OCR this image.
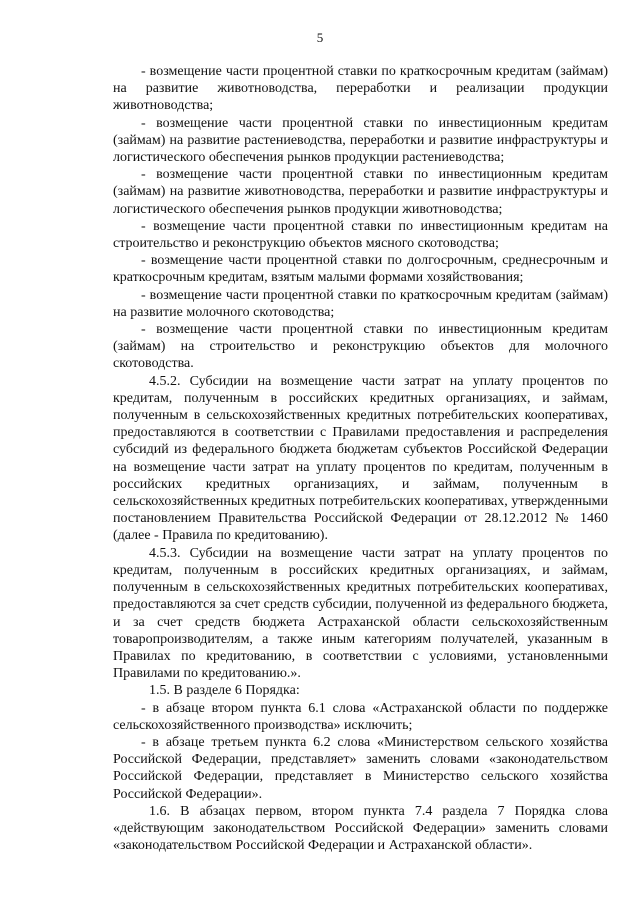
5

- возмещение части процентной ставки по краткосрочным кредитам (займам) на развитие животноводства, переработки и реализации продукции животноводства;

- возмещение части процентной ставки по инвестиционным кредитам (займам) на развитие растениеводства, переработки и развитие инфраструктуры и логистического обеспечения рынков продукции растениеводства;

- возмещение части процентной ставки по инвестиционным кредитам (займам) на развитие животноводства, переработки и развитие инфраструктуры и логистического обеспечения рынков продукции животноводства;

- возмещение части процентной ставки по инвестиционным кредитам на строительство и реконструкцию объектов мясного скотоводства;

- возмещение части процентной ставки по долгосрочным, среднесрочным и краткосрочным кредитам, взятым малыми формами хозяйствования;

- возмещение части процентной ставки по краткосрочным кредитам (займам) на развитие молочного скотоводства;

- возмещение части процентной ставки по инвестиционным кредитам (займам) на строительство и реконструкцию объектов для молочного скотоводства.

4.5.2. Субсидии на возмещение части затрат на уплату процентов по кредитам, полученным в российских кредитных организациях, и займам, полученным в сельскохозяйственных кредитных потребительских кооперативах, предоставляются в соответствии с Правилами предоставления и распределения субсидий из федерального бюджета бюджетам субъектов Российской Федерации на возмещение части затрат на уплату процентов по кредитам, полученным в российских кредитных организациях, и займам, полученным в сельскохозяйственных кредитных потребительских кооперативах, утвержденными постановлением Правительства Российской Федерации от 28.12.2012 № 1460 (далее - Правила по кредитованию).

4.5.3. Субсидии на возмещение части затрат на уплату процентов по кредитам, полученным в российских кредитных организациях, и займам, полученным в сельскохозяйственных кредитных потребительских кооперативах, предоставляются за счет средств субсидии, полученной из федерального бюджета, и за счет средств бюджета Астраханской области сельскохозяйственным товаропроизводителям, а также иным категориям получателей, указанным в Правилах по кредитованию, в соответствии с условиями, установленными Правилами по кредитованию.».

1.5. В разделе 6 Порядка:

- в абзаце втором пункта 6.1 слова «Астраханской области по поддержке сельскохозяйственного производства» исключить;

- в абзаце третьем пункта 6.2 слова «Министерством сельского хозяйства Российской Федерации, представляет» заменить словами «законодательством Российской Федерации, представляет в Министерство сельского хозяйства Российской Федерации».

1.6. В абзацах первом, втором пункта 7.4 раздела 7 Порядка слова «действующим законодательством Российской Федерации» заменить словами «законодательством Российской Федерации и Астраханской области».
